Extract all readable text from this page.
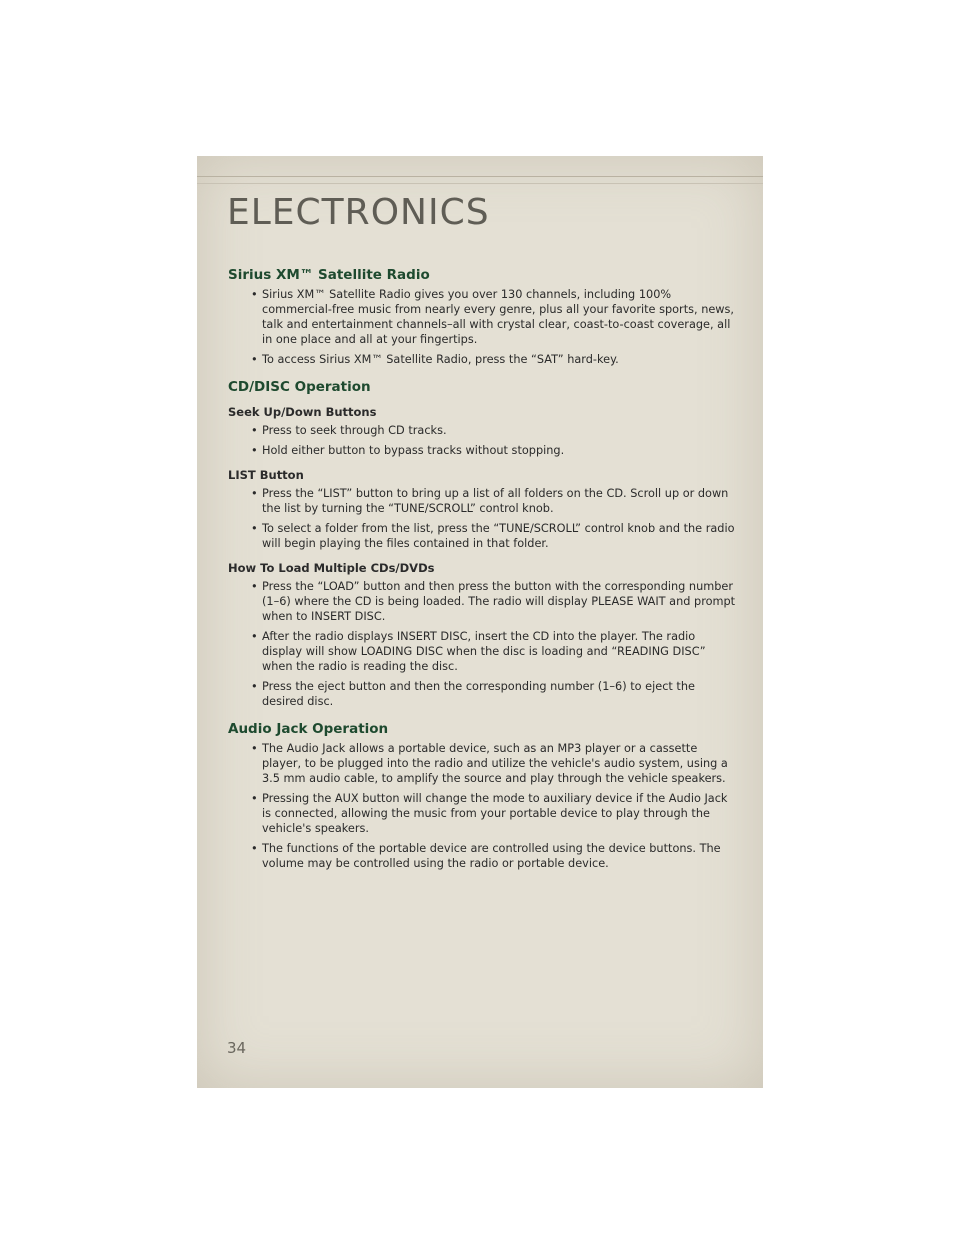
ELECTRONICS
Sirius XM™ Satellite Radio
• Sirius XM™ Satellite Radio gives you over 130 channels, including 100% commercial-free music from nearly every genre, plus all your favorite sports, news, talk and entertainment channels–all with crystal clear, coast-to-coast coverage, all in one place and all at your fingertips.
• To access Sirius XM™ Satellite Radio, press the “SAT” hard-key.
CD/DISC Operation
Seek Up/Down Buttons
• Press to seek through CD tracks.
• Hold either button to bypass tracks without stopping.
LIST Button
• Press the “LIST” button to bring up a list of all folders on the CD. Scroll up or down the list by turning the “TUNE/SCROLL” control knob.
• To select a folder from the list, press the “TUNE/SCROLL” control knob and the radio will begin playing the files contained in that folder.
How To Load Multiple CDs/DVDs
• Press the “LOAD” button and then press the button with the corresponding number (1–6) where the CD is being loaded. The radio will display PLEASE WAIT and prompt when to INSERT DISC.
• After the radio displays INSERT DISC, insert the CD into the player. The radio display will show LOADING DISC when the disc is loading and “READING DISC” when the radio is reading the disc.
• Press the eject button and then the corresponding number (1–6) to eject the desired disc.
Audio Jack Operation
• The Audio Jack allows a portable device, such as an MP3 player or a cassette player, to be plugged into the radio and utilize the vehicle's audio system, using a 3.5 mm audio cable, to amplify the source and play through the vehicle speakers.
• Pressing the AUX button will change the mode to auxiliary device if the Audio Jack is connected, allowing the music from your portable device to play through the vehicle's speakers.
• The functions of the portable device are controlled using the device buttons. The volume may be controlled using the radio or portable device.
34
